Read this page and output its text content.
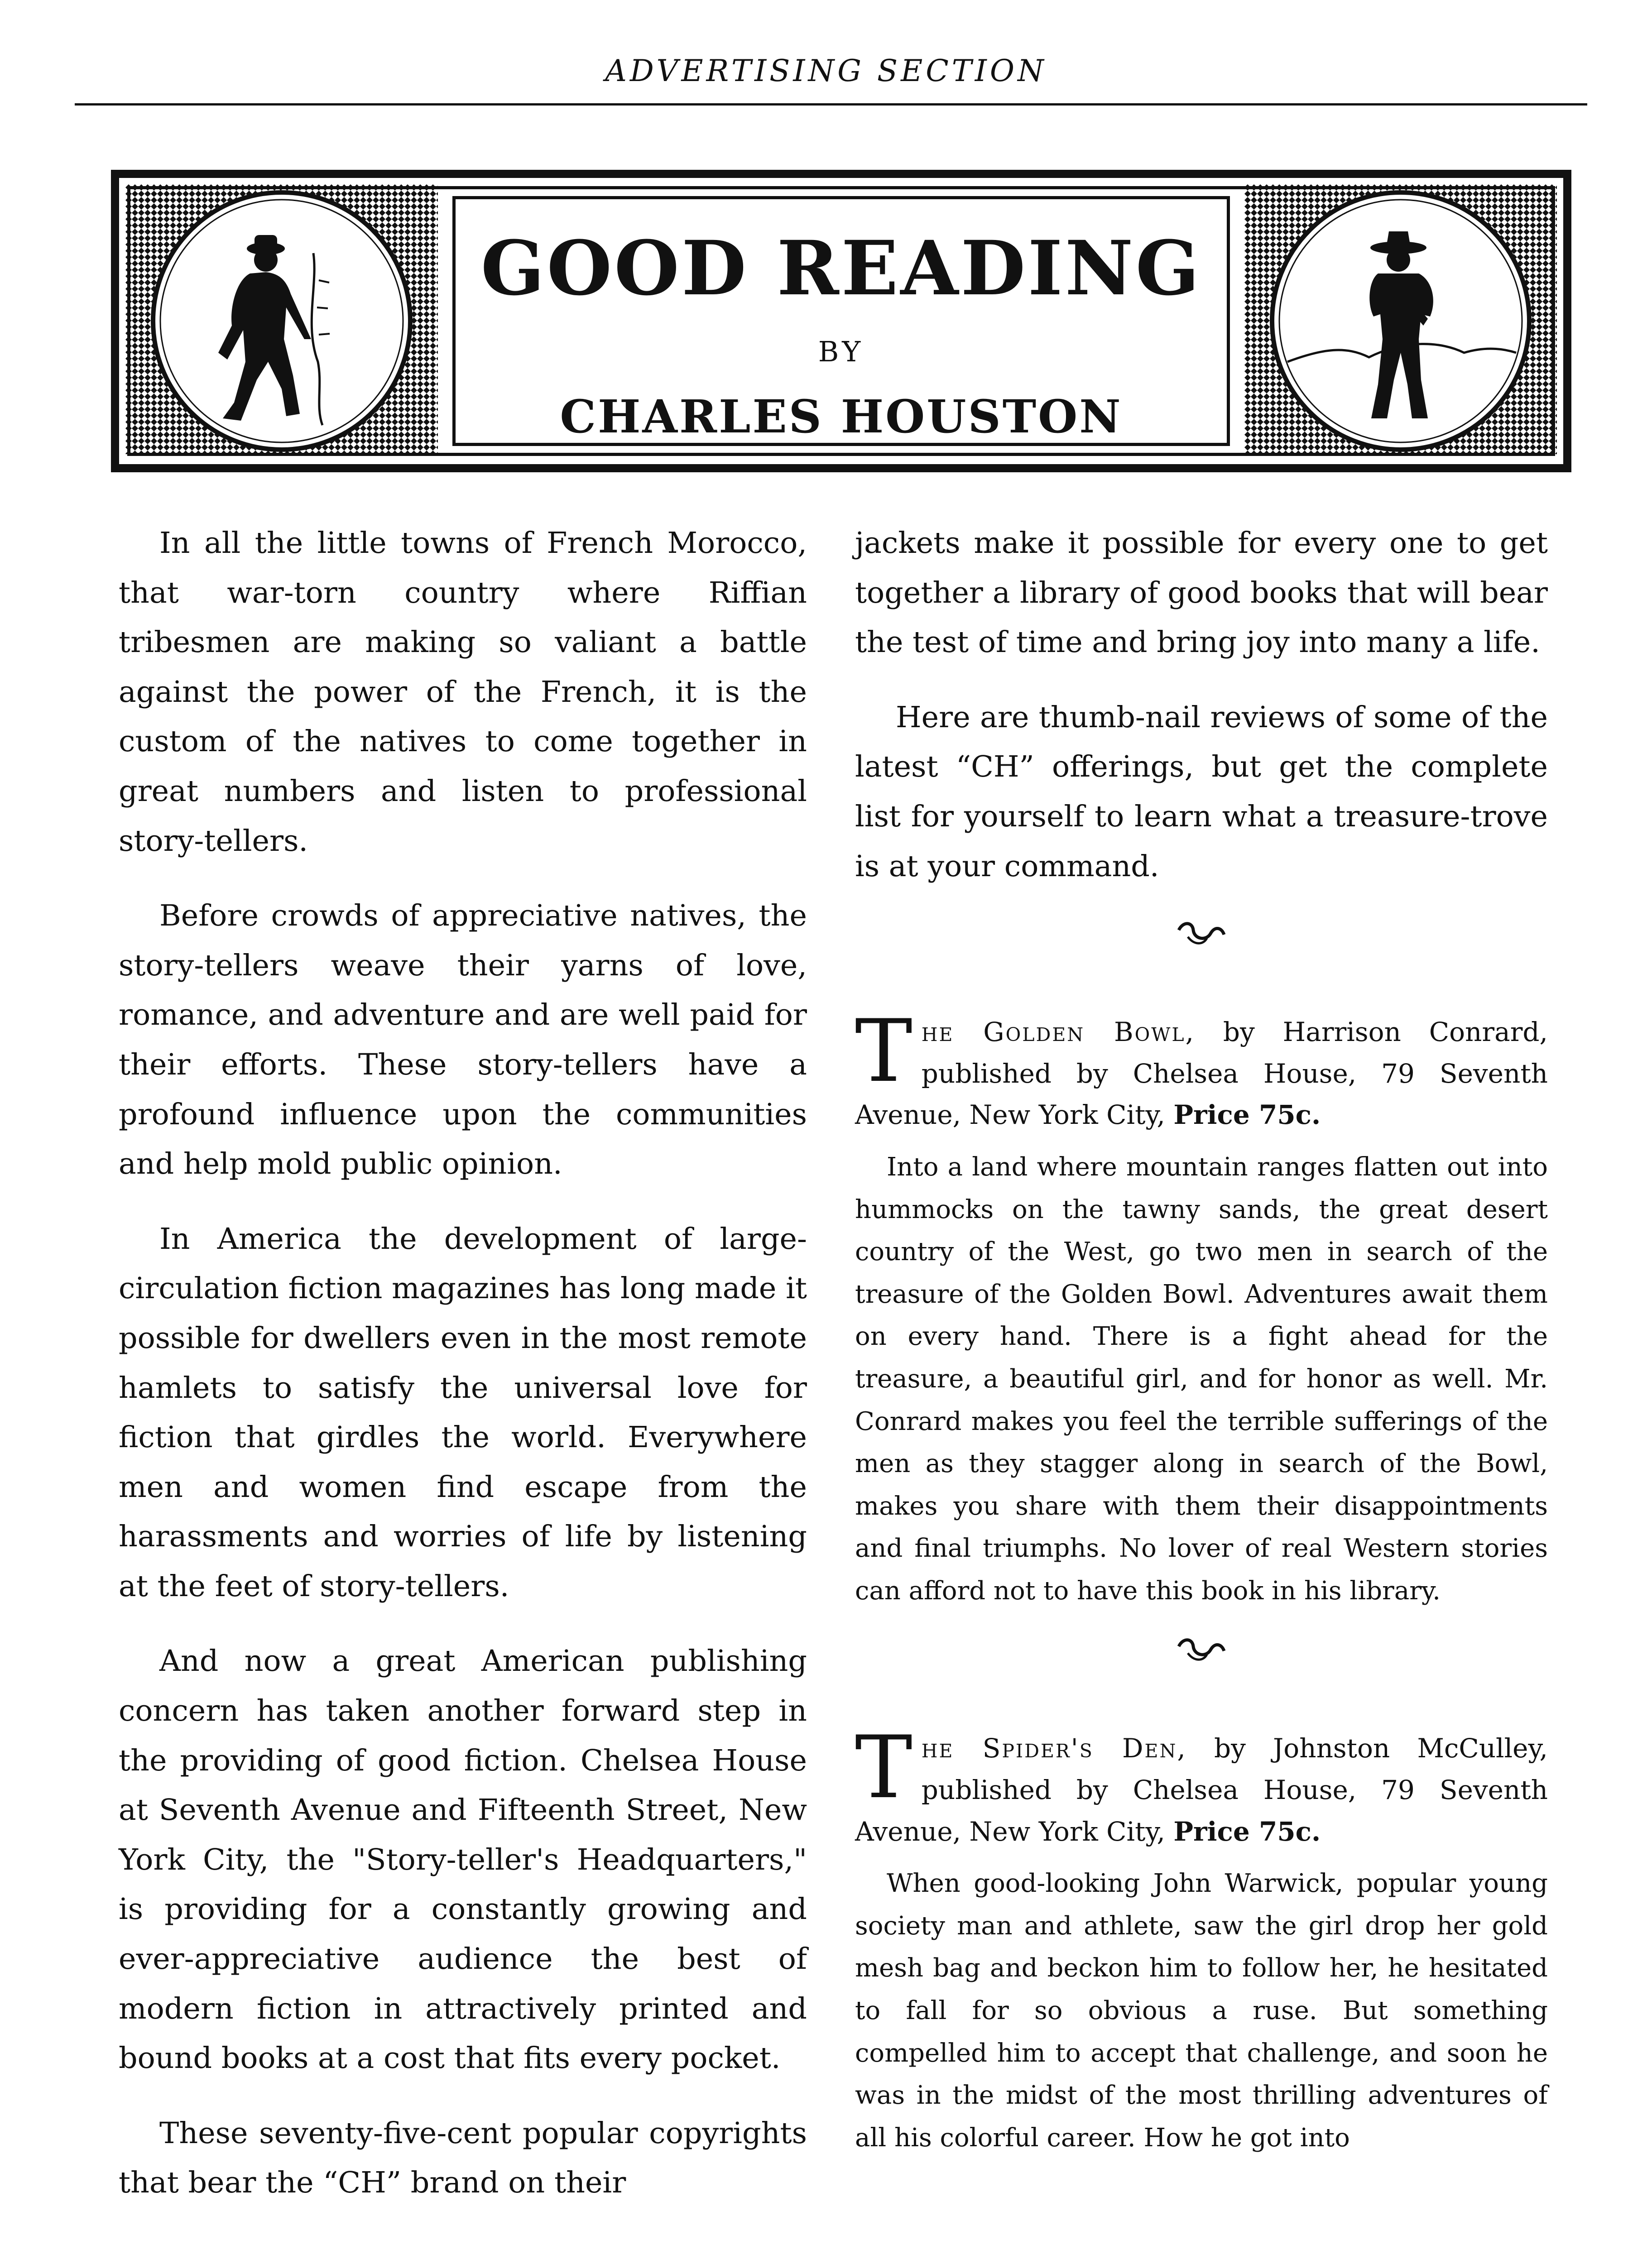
ADVERTISING SECTION
GOOD READING
BY
CHARLES HOUSTON

In all the little towns of French Morocco, that war-torn country where Riffian tribesmen are making so valiant a battle against the power of the French, it is the custom of the natives to come together in great numbers and listen to professional story-tellers.

Before crowds of appreciative natives, the story-tellers weave their yarns of love, romance, and adventure and are well paid for their efforts. These story-tellers have a profound influence upon the communities and help mold public opinion.

In America the development of large-circulation fiction magazines has long made it possible for dwellers even in the most remote hamlets to satisfy the universal love for fiction that girdles the world. Everywhere men and women find escape from the harassments and worries of life by listening at the feet of story-tellers.

And now a great American publishing concern has taken another forward step in the providing of good fiction. Chelsea House at Seventh Avenue and Fifteenth Street, New York City, the "Story-teller's Headquarters," is providing for a constantly growing and ever-appreciative audience the best of modern fiction in attractively printed and bound books at a cost that fits every pocket.

These seventy-five-cent popular copyrights that bear the “CH” brand on their

jackets make it possible for every one to get together a library of good books that will bear the test of time and bring joy into many a life.

Here are thumb-nail reviews of some of the latest “CH” offerings, but get the complete list for yourself to learn what a treasure-trove is at your command.

The Golden Bowl, by Harrison Conrard, published by Chelsea House, 79 Seventh Avenue, New York City, Price 75c.

Into a land where mountain ranges flatten out into hummocks on the tawny sands, the great desert country of the West, go two men in search of the treasure of the Golden Bowl. Adventures await them on every hand. There is a fight ahead for the treasure, a beautiful girl, and for honor as well. Mr. Conrard makes you feel the terrible sufferings of the men as they stagger along in search of the Bowl, makes you share with them their disappointments and final triumphs. No lover of real Western stories can afford not to have this book in his library.

The Spider's Den, by Johnston McCulley, published by Chelsea House, 79 Seventh Avenue, New York City, Price 75c.

When good-looking John Warwick, popular young society man and athlete, saw the girl drop her gold mesh bag and beckon him to follow her, he hesitated to fall for so obvious a ruse. But something compelled him to accept that challenge, and soon he was in the midst of the most thrilling adventures of all his colorful career. How he got into
